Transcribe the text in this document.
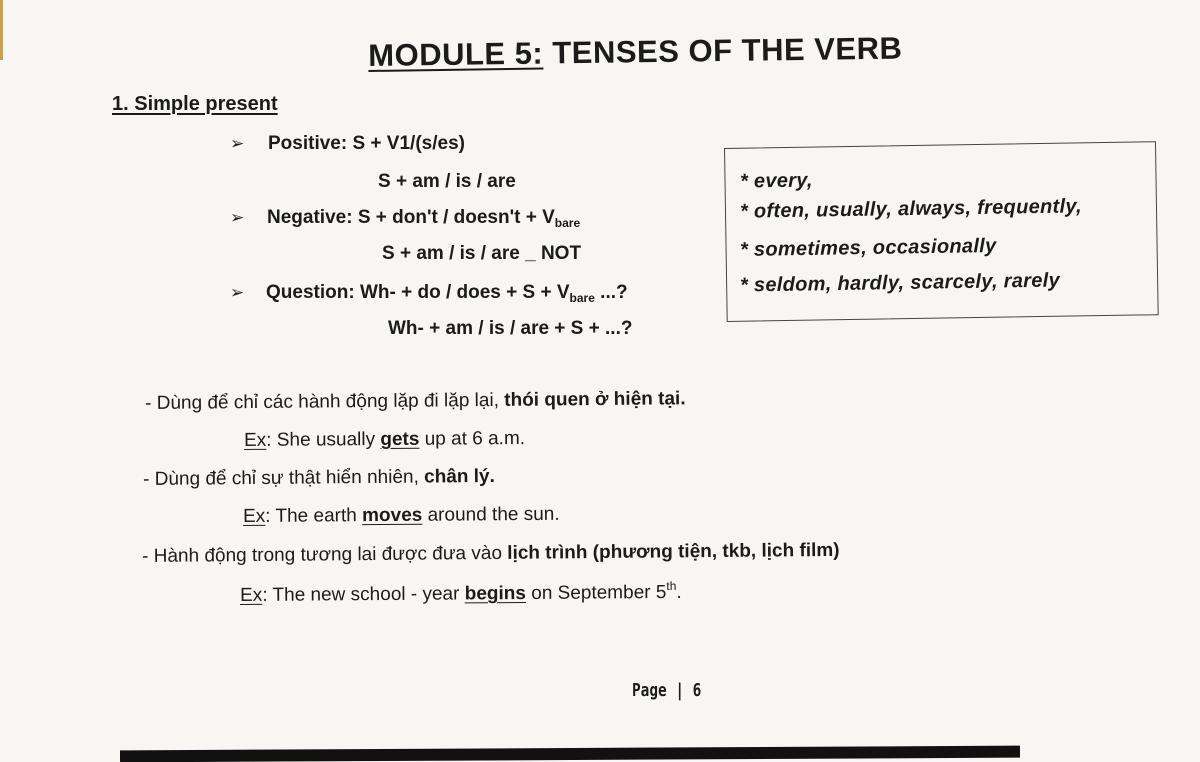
MODULE 5: TENSES OF THE VERB
1. Simple present
➢ Positive: S + V1/(s/es)
S + am / is / are
➢ Negative: S + don't / doesn't + $V_{bare}$
S + am / is / are _ NOT
➢ Question: Wh- + do / does + $S + V_{bare}$ ...?
Wh- + am / is / are + S + ...?
* every,
* often, usually, always, frequently,
* sometimes, occasionally
* seldom, hardly, scarcely, rarely
- Dùng để chỉ các hành động lặp đi lặp lại, thói quen ở hiện tại.
Ex: She usually gets up at 6 a.m.
- Dùng để chỉ sự thật hiển nhiên, chân lý.
Ex: The earth moves around the sun.
- Hành động trong tương lai được đưa vào lịch trình (phương tiện, tkb, lịch film)
Ex: The new school - year begins on September 5th.
Page | 6
